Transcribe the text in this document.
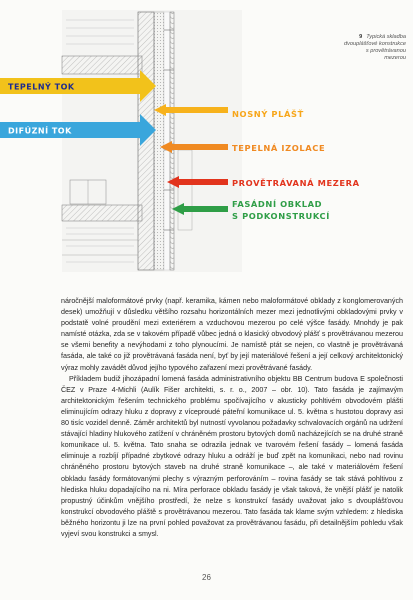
TEPELNÝ TOK
DIFÚZNÍ TOK
NOSNÝ PLÁŠŤ
TEPELNÁ IZOLACE
PROVĚTRÁVANÁ MEZERA
FASÁDNÍ OBKLAD
S PODKONSTRUKCÍ
9 Typická skladba dvouplášťové konstrukce s provětrávanou mezerou

náročnější maloformátové prvky (např. keramika, kámen nebo maloformátové obklady z konglomerovaných desek) umožňují v důsledku většího rozsahu horizontálních mezer mezi jednotlivými obkladovými prvky v podstatě volné proudění mezi exteriérem a vzduchovou mezerou po celé výšce fasády. Mnohdy je pak namísté otázka, zda se v takovém případě vůbec jedná o klasický obvodový plášť s provětrávanou mezerou se všemi benefity a nevýhodami z toho plynoucími. Je namístě ptát se nejen, co vlastně je provětrávaná fasáda, ale také co již provětrávaná fasáda není, byť by její materiálové řešení a její celkový architektonický výraz mohly zavádět důvod jejího typového zařazení mezi provětrávané fasády.

Příkladem budiž jihozápadní lomená fasáda administrativního objektu BB Centrum budova E společnosti ČEZ v Praze 4-Michli (Aulík Fišer architekti, s. r. o., 2007 – obr. 10). Tato fasáda je zajímavým architektonickým řešením technického problému spočívajícího v akusticky pohltivém obvodovém plášti eliminujícím odrazy hluku z dopravy z víceproudé páteřní komunikace ul. 5. května s hustotou dopravy asi 80 tisíc vozidel denně. Záměr architektů byl nutností vyvolanou požadavky schvalovacích orgánů na udržení stávající hladiny hlukového zatížení v chráněném prostoru bytových domů nacházejících se na druhé straně komunikace ul. 5. května. Tato snaha se odrazila jednak ve tvarovém řešení fasády – lomená fasáda eliminuje a rozbíjí případné zbytkové odrazy hluku a odráží je buď zpět na komunikaci, nebo nad rovinu chráněného prostoru bytových staveb na druhé straně komunikace –, ale také v materiálovém řešení obkladu fasády formátovanými plechy s výrazným perforováním – rovina fasády se tak stává pohltivou z hlediska hluku dopadajícího na ni. Míra perforace obkladu fasády je však taková, že vnější plášť je natolik propustný účinkům vnějšího prostředí, že nelze s konstrukcí fasády uvažovat jako s dvouplášťovou konstrukcí obvodového pláště s provětrávanou mezerou. Tato fasáda tak klame svým vzhledem: z hlediska běžného horizontu ji lze na první pohled považovat za provětrávanou fasádu, při detailnějším pohledu však vyjeví svou konstrukci a smysl.

26
